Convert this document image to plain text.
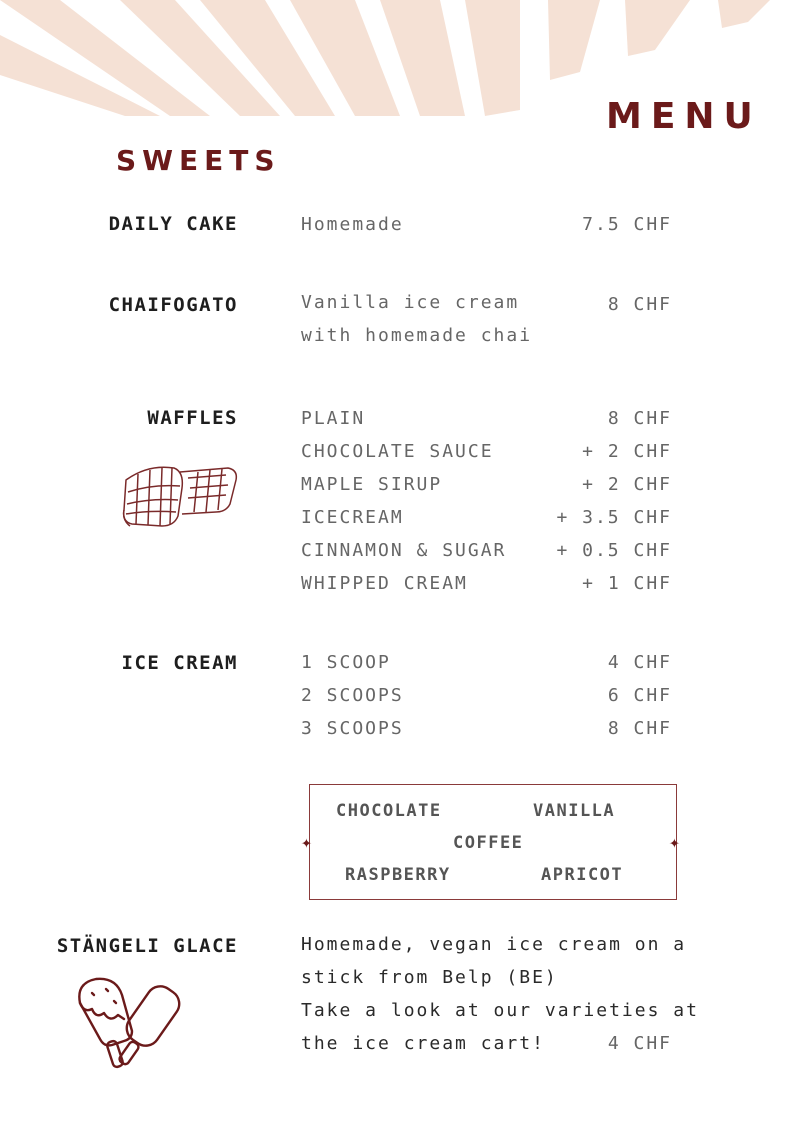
MENU
SWEETS
DAILY CAKE	Homemade	7.5 CHF
CHAIFOGATO	Vanilla ice cream
with homemade chai
8 CHF
WAFFLES	PLAIN	8 CHF
CHOCOLATE SAUCE	+ 2 CHF
MAPLE SIRUP	+ 2 CHF
ICECREAM	+ 3.5 CHF
CINNAMON & SUGAR	+ 0.5 CHF
WHIPPED CREAM	+ 1 CHF
ICE CREAM	1 SCOOP	4 CHF
2 SCOOPS	6 CHF
3 SCOOPS	8 CHF
✦	✦
CHOCOLATE	VANILLA
COFFEE
RASPBERRY	APRICOT
STÄNGELI GLACE	Homemade, vegan ice cream on a
stick from Belp (BE)
Take a look at our varieties at
the ice cream cart!	4 CHF
